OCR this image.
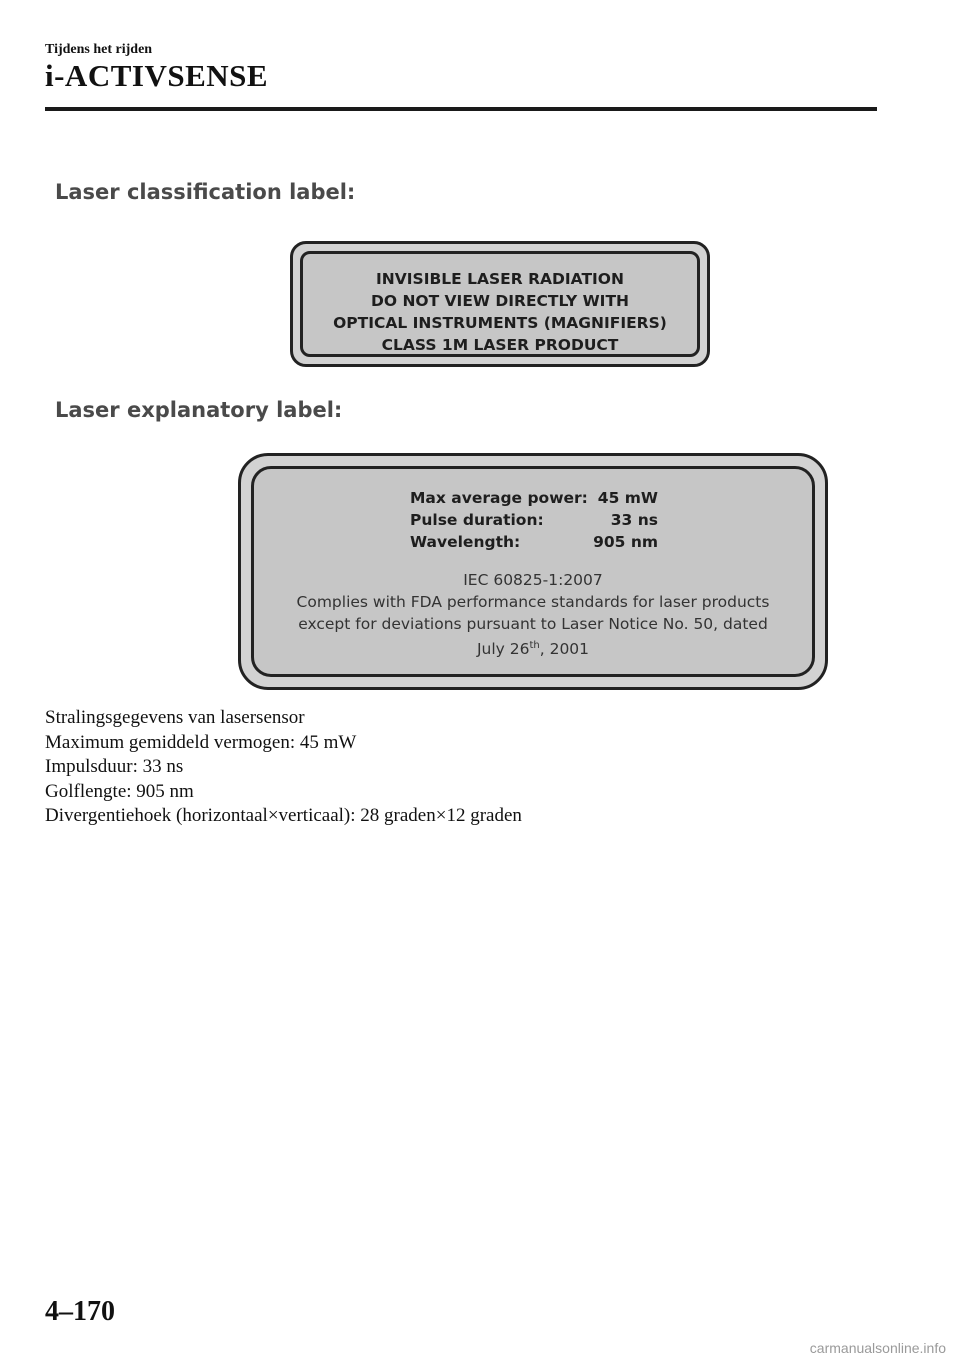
Tijdens het rijden
i-ACTIVSENSE
Laser classification label:
INVISIBLE LASER RADIATION
DO NOT VIEW DIRECTLY WITH
OPTICAL INSTRUMENTS (MAGNIFIERS)
CLASS 1M LASER PRODUCT
Laser explanatory label:
Max average power: 45 mW
Pulse duration:	33 ns
Wavelength:	905 nm
IEC 60825-1:2007
Complies with FDA performance standards for laser products
except for deviations pursuant to Laser Notice No. 50, dated
July 26th, 2001
Stralingsgegevens van lasersensor
Maximum gemiddeld vermogen: 45 mW
Impulsduur: 33 ns
Golflengte: 905 nm
Divergentiehoek (horizontaal×verticaal): 28 graden×12 graden
4–170
carmanualsonline.info
